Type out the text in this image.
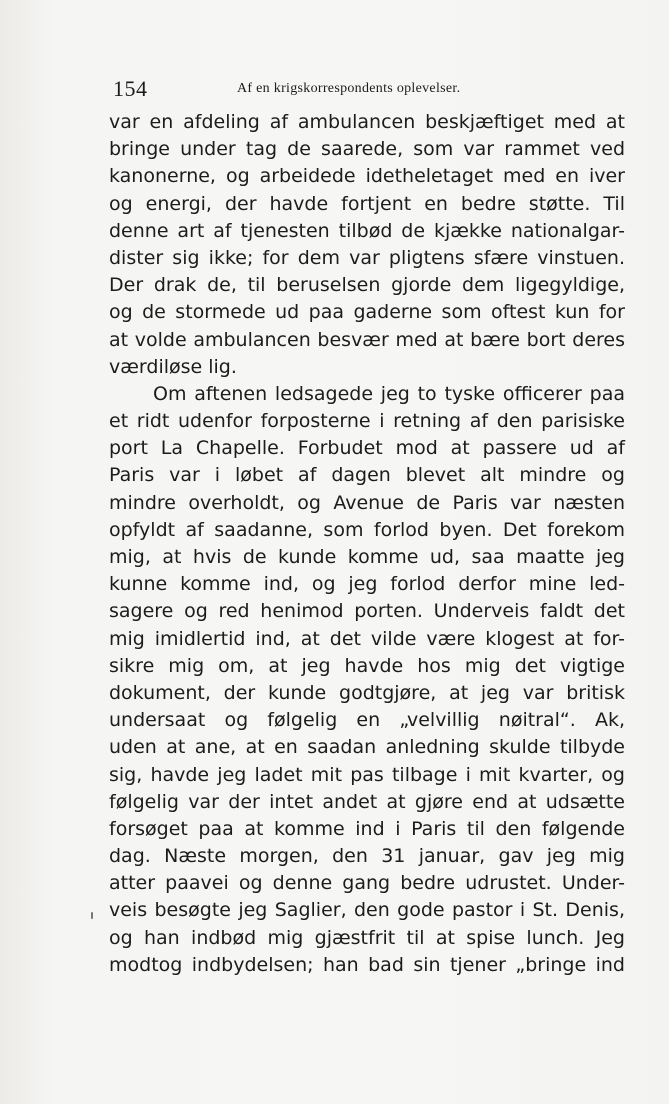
154	Af en krigskorrespondents oplevelser.
var en afdeling af ambulancen beskjæftiget med at
bringe under tag de saarede, som var rammet ved
kanonerne, og arbeidede idetheletaget med en iver
og energi, der havde fortjent en bedre støtte. Til
denne art af tjenesten tilbød de kjække nationalgar-
dister sig ikke; for dem var pligtens sfære vinstuen.
Der drak de, til beruselsen gjorde dem ligegyldige,
og de stormede ud paa gaderne som oftest kun for
at volde ambulancen besvær med at bære bort deres
værdiløse lig.
Om aftenen ledsagede jeg to tyske officerer paa
et ridt udenfor forposterne i retning af den parisiske
port La Chapelle. Forbudet mod at passere ud af
Paris var i løbet af dagen blevet alt mindre og
mindre overholdt, og Avenue de Paris var næsten
opfyldt af saadanne, som forlod byen. Det forekom
mig, at hvis de kunde komme ud, saa maatte jeg
kunne komme ind, og jeg forlod derfor mine led-
sagere og red henimod porten. Underveis faldt det
mig imidlertid ind, at det vilde være klogest at for-
sikre mig om, at jeg havde hos mig det vigtige
dokument, der kunde godtgjøre, at jeg var britisk
undersaat og følgelig en „velvillig nøitral“. Ak,
uden at ane, at en saadan anledning skulde tilbyde
sig, havde jeg ladet mit pas tilbage i mit kvarter, og
følgelig var der intet andet at gjøre end at udsætte
forsøget paa at komme ind i Paris til den følgende
dag. Næste morgen, den 31 januar, gav jeg mig
atter paavei og denne gang bedre udrustet. Under-
veis besøgte jeg Saglier, den gode pastor i St. Denis,
og han indbød mig gjæstfrit til at spise lunch. Jeg
modtog indbydelsen; han bad sin tjener „bringe ind
